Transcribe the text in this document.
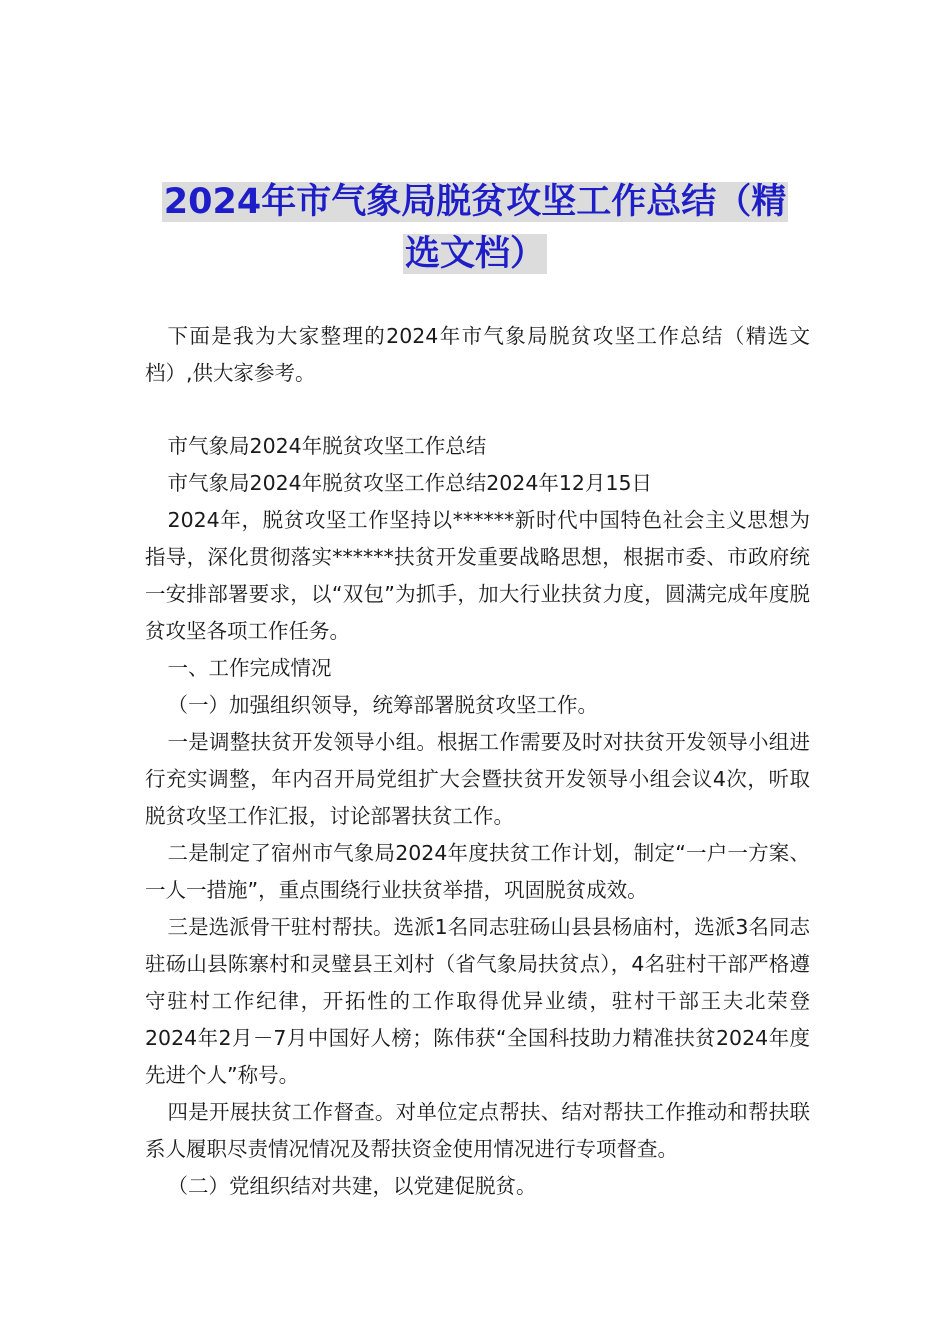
2024年市气象局脱贫攻坚工作总结（精
选文档）

下面是我为大家整理的2024年市气象局脱贫攻坚工作总结（精选文档）,供大家参考。

市气象局2024年脱贫攻坚工作总结

市气象局2024年脱贫攻坚工作总结2024年12月15日

2024年，脱贫攻坚工作坚持以******新时代中国特色社会主义思想为指导，深化贯彻落实******扶贫开发重要战略思想，根据市委、市政府统一安排部署要求，以“双包”为抓手，加大行业扶贫力度，圆满完成年度脱贫攻坚各项工作任务。

一、工作完成情况

（一）加强组织领导，统筹部署脱贫攻坚工作。

一是调整扶贫开发领导小组。根据工作需要及时对扶贫开发领导小组进行充实调整，年内召开局党组扩大会暨扶贫开发领导小组会议4次，听取脱贫攻坚工作汇报，讨论部署扶贫工作。

二是制定了宿州市气象局2024年度扶贫工作计划，制定“一户一方案、一人一措施”，重点围绕行业扶贫举措，巩固脱贫成效。

三是选派骨干驻村帮扶。选派1名同志驻砀山县县杨庙村，选派3名同志驻砀山县陈寨村和灵璧县王刘村（省气象局扶贫点），4名驻村干部严格遵守驻村工作纪律，开拓性的工作取得优异业绩，驻村干部王夫北荣登2024年2月－7月中国好人榜；陈伟获“全国科技助力精准扶贫2024年度先进个人”称号。

四是开展扶贫工作督查。对单位定点帮扶、结对帮扶工作推动和帮扶联系人履职尽责情况情况及帮扶资金使用情况进行专项督查。

（二）党组织结对共建，以党建促脱贫。
